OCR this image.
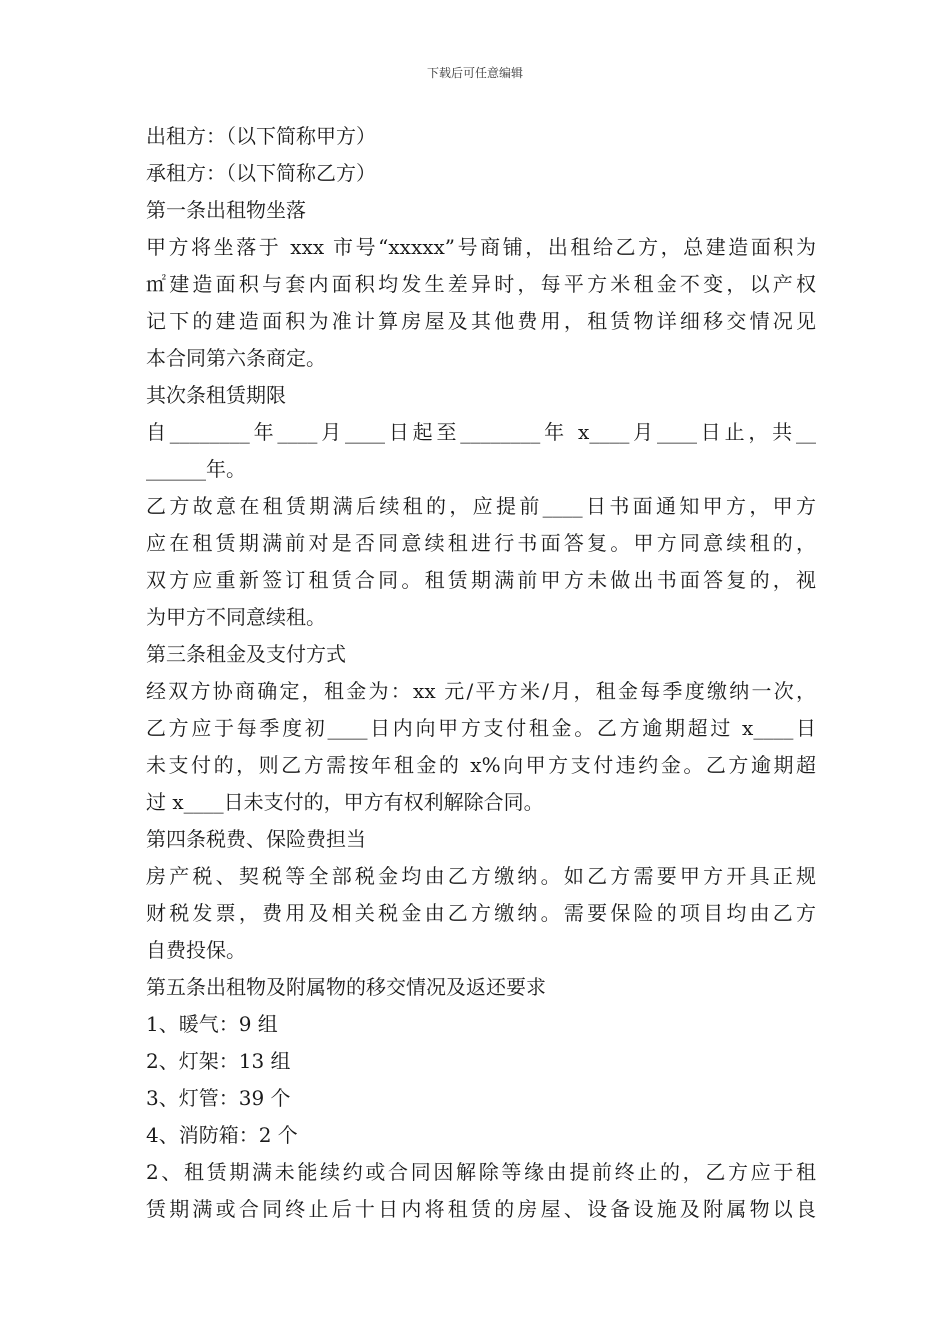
下载后可任意编辑
出租方：（以下简称甲方）
承租方：（以下简称乙方）
第一条出租物坐落
甲方将坐落于 xxx 市号“xxxxx”号商铺，出租给乙方，总建造面积为
㎡建造面积与套内面积均发生差异时，每平方米租金不变，以产权
记下的建造面积为准计算房屋及其他费用，租赁物详细移交情况见
本合同第六条商定。
其次条租赁期限
自________年____月____日起至________年 x____月____日止，共__
______年。
乙方故意在租赁期满后续租的，应提前____日书面通知甲方，甲方
应在租赁期满前对是否同意续租进行书面答复。甲方同意续租的，
双方应重新签订租赁合同。租赁期满前甲方未做出书面答复的，视
为甲方不同意续租。
第三条租金及支付方式
经双方协商确定，租金为：xx 元/平方米/月，租金每季度缴纳一次，
乙方应于每季度初____日内向甲方支付租金。乙方逾期超过 x____日
未支付的，则乙方需按年租金的 x%向甲方支付违约金。乙方逾期超
过 x____日未支付的，甲方有权利解除合同。
第四条税费、保险费担当
房产税、契税等全部税金均由乙方缴纳。如乙方需要甲方开具正规
财税发票，费用及相关税金由乙方缴纳。需要保险的项目均由乙方
自费投保。
第五条出租物及附属物的移交情况及返还要求
1、暖气：9 组
2、灯架：13 组
3、灯管：39 个
4、消防箱：2 个
2、租赁期满未能续约或合同因解除等缘由提前终止的，乙方应于租
赁期满或合同终止后十日内将租赁的房屋、设备设施及附属物以良
